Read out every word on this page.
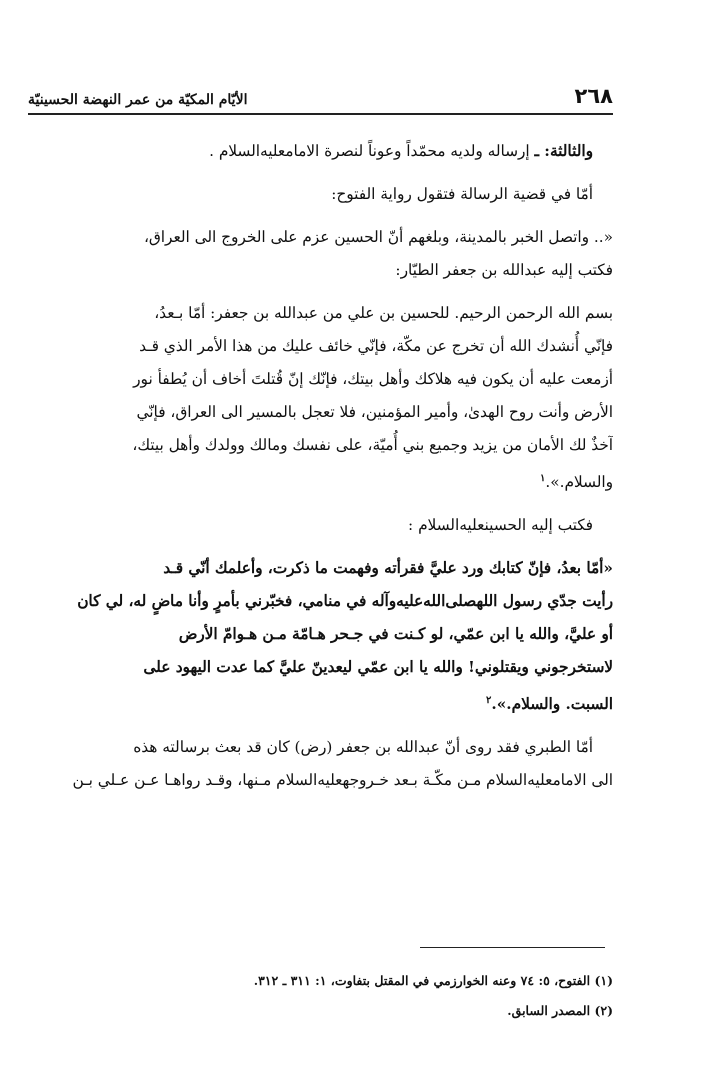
٢٦٨
الأيّام المكيّة من عمر النهضة الحسينيّة
والثالثة: ـ إرساله ولديه محمّداً وعوناً لنصرة الامامعليه‌السلام .
أمّا في قضية الرسالة فتقول رواية الفتوح:
«.. واتصل الخبر بالمدينة، وبلغهم أنّ الحسين عزم على الخروج الى العراق،
فكتب إليه عبدالله بن جعفر الطيّار:
بسم الله الرحمن الرحيم. للحسين بن علي من عبدالله بن جعفر: أمّا بـعدُ،
فإنّي أُنشدك الله أن تخرج عن مكّة، فإنّي خائف عليك من هذا الأمر الذي قـد
أزمعت عليه أن يكون فيه هلاكك وأهل بيتك، فإنّك إنّ قُتلتَ أخاف أن يُطفأ نور
الأرض وأنت روح الهدىٰ، وأمير المؤمنين، فلا تعجل بالمسير الى العراق، فإنّي
آخذٌ لك الأمان من يزيد وجميع بني أُميّة، على نفسك ومالك وولدك وأهل بيتك،
والسلام.».$^١$
فكتب إليه الحسينعليه‌السلام :
«أمّا بعدُ، فإنّ كتابك ورد عليَّ فقرأته وفهمت ما ذكرت، وأعلمك أنّي قـد
رأيت جدّي رسول اللهصلى‌الله‌عليه‌وآله في منامي، فخبّرني بأمرٍ وأنا ماضٍ له، لي كان
أو عليَّ، والله يا ابن عمّي، لو كـنت في جـحر هـامّة مـن هـوامّ الأرض
لاستخرجوني ويقتلوني! والله يا ابن عمّي ليعدينّ عليَّ كما عدت اليهود على
السبت. والسلام.».$^٢$
أمّا الطبري فقد روى أنّ عبدالله بن جعفر (رض) كان قد بعث برسالته هذه
الى الامامعليه‌السلام مـن مكّـة بـعد خـروجهعليه‌السلام مـنها، وقـد رواهـا عـن عـلي بـن
(١) الفتوح، ٥: ٧٤ وعنه الخوارزمي في المقتل بتفاوت، ١: ٣١١ ـ ٣١٢.
(٢) المصدر السابق.
